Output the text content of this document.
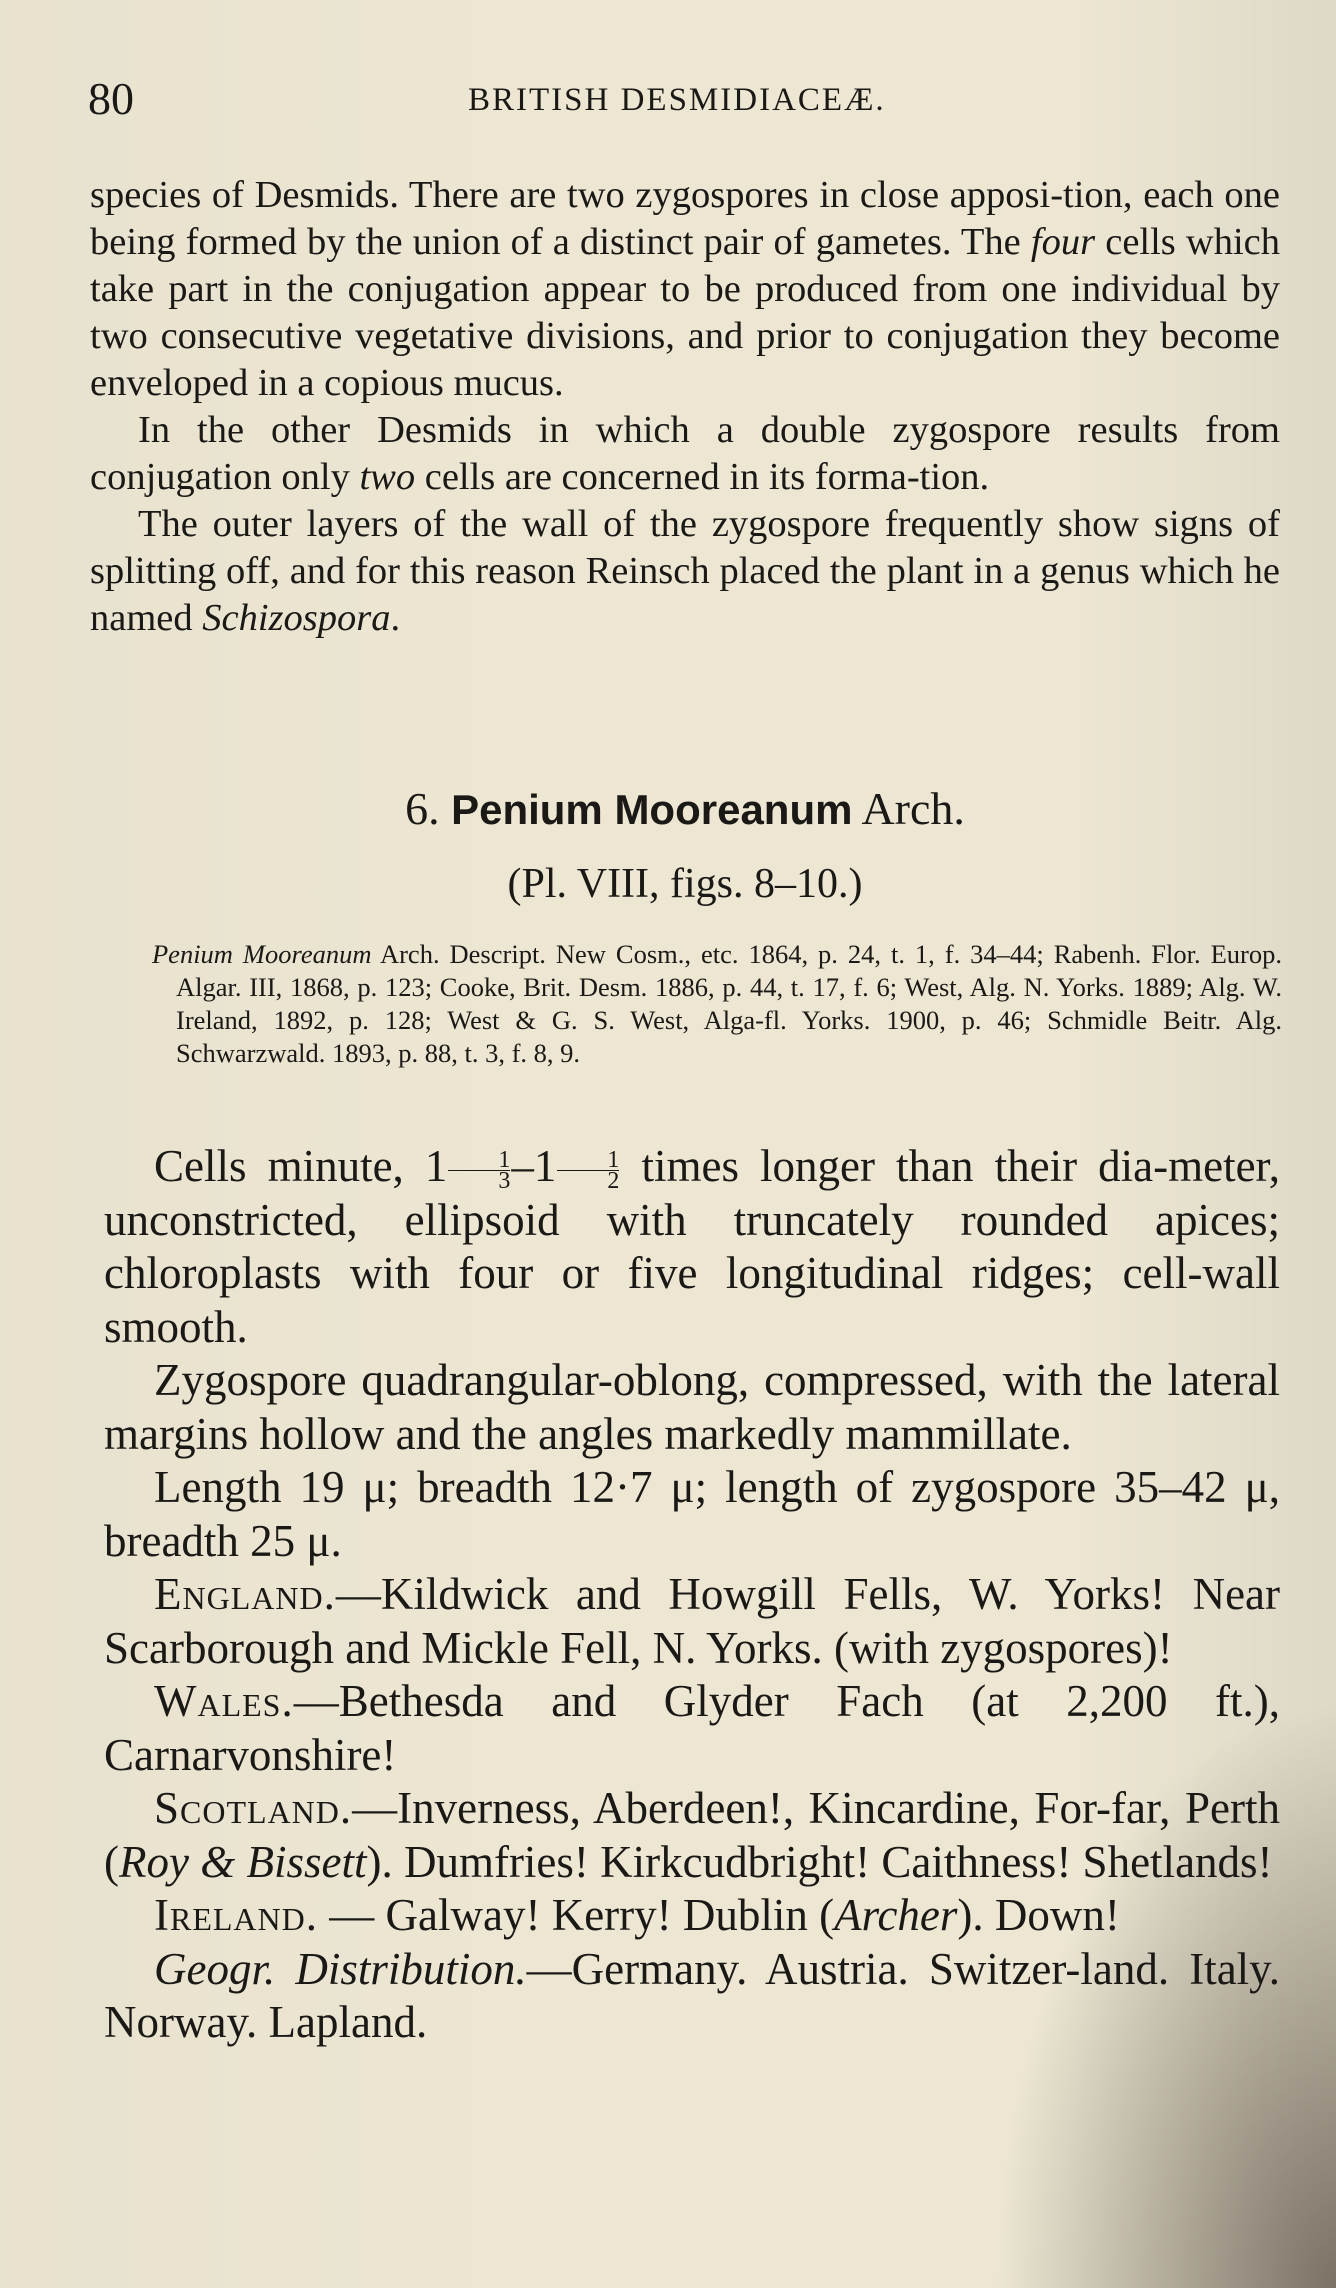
80	BRITISH DESMIDIACEÆ.

species of Desmids. There are two zygospores in close apposi-tion, each one being formed by the union of a distinct pair of gametes. The four cells which take part in the conjugation appear to be produced from one individual by two consecutive vegetative divisions, and prior to conjugation they become enveloped in a copious mucus.

In the other Desmids in which a double zygospore results from conjugation only two cells are concerned in its forma-tion.

The outer layers of the wall of the zygospore frequently show signs of splitting off, and for this reason Reinsch placed the plant in a genus which he named Schizospora.

6. Penium Mooreanum Arch.
(Pl. VIII, figs. 8–10.)
Penium Mooreanum Arch. Descript. New Cosm., etc. 1864, p. 24, t. 1, f. 34–44; Rabenh. Flor. Europ. Algar. III, 1868, p. 123; Cooke, Brit. Desm. 1886, p. 44, t. 17, f. 6; West, Alg. N. Yorks. 1889; Alg. W. Ireland, 1892, p. 128; West & G. S. West, Alga-fl. Yorks. 1900, p. 46; Schmidle Beitr. Alg. Schwarzwald. 1893, p. 88, t. 3, f. 8, 9.

Cells minute, $1 \frac{1}{3} -1 \frac{1}{2}$ times longer than their dia-meter, unconstricted, ellipsoid with truncately rounded apices; chloroplasts with four or five longitudinal ridges; cell-wall smooth.

Zygospore quadrangular-oblong, compressed, with the lateral margins hollow and the angles markedly mammillate.

Length 19 μ; breadth 12·7 μ; length of zygospore 35–42 μ, breadth 25 μ.

England.—Kildwick and Howgill Fells, W. Yorks! Near Scarborough and Mickle Fell, N. Yorks. (with zygospores)!

Wales.—Bethesda and Glyder Fach (at 2,200 ft.), Carnarvonshire!

Scotland.—Inverness, Aberdeen!, Kincardine, For-far, Perth (Roy & Bissett). Dumfries! Kirkcudbright! Caithness! Shetlands!

Ireland. — Galway! Kerry! Dublin (Archer). Down!

Geogr. Distribution.—Germany. Austria. Switzer-land. Italy. Norway. Lapland.
